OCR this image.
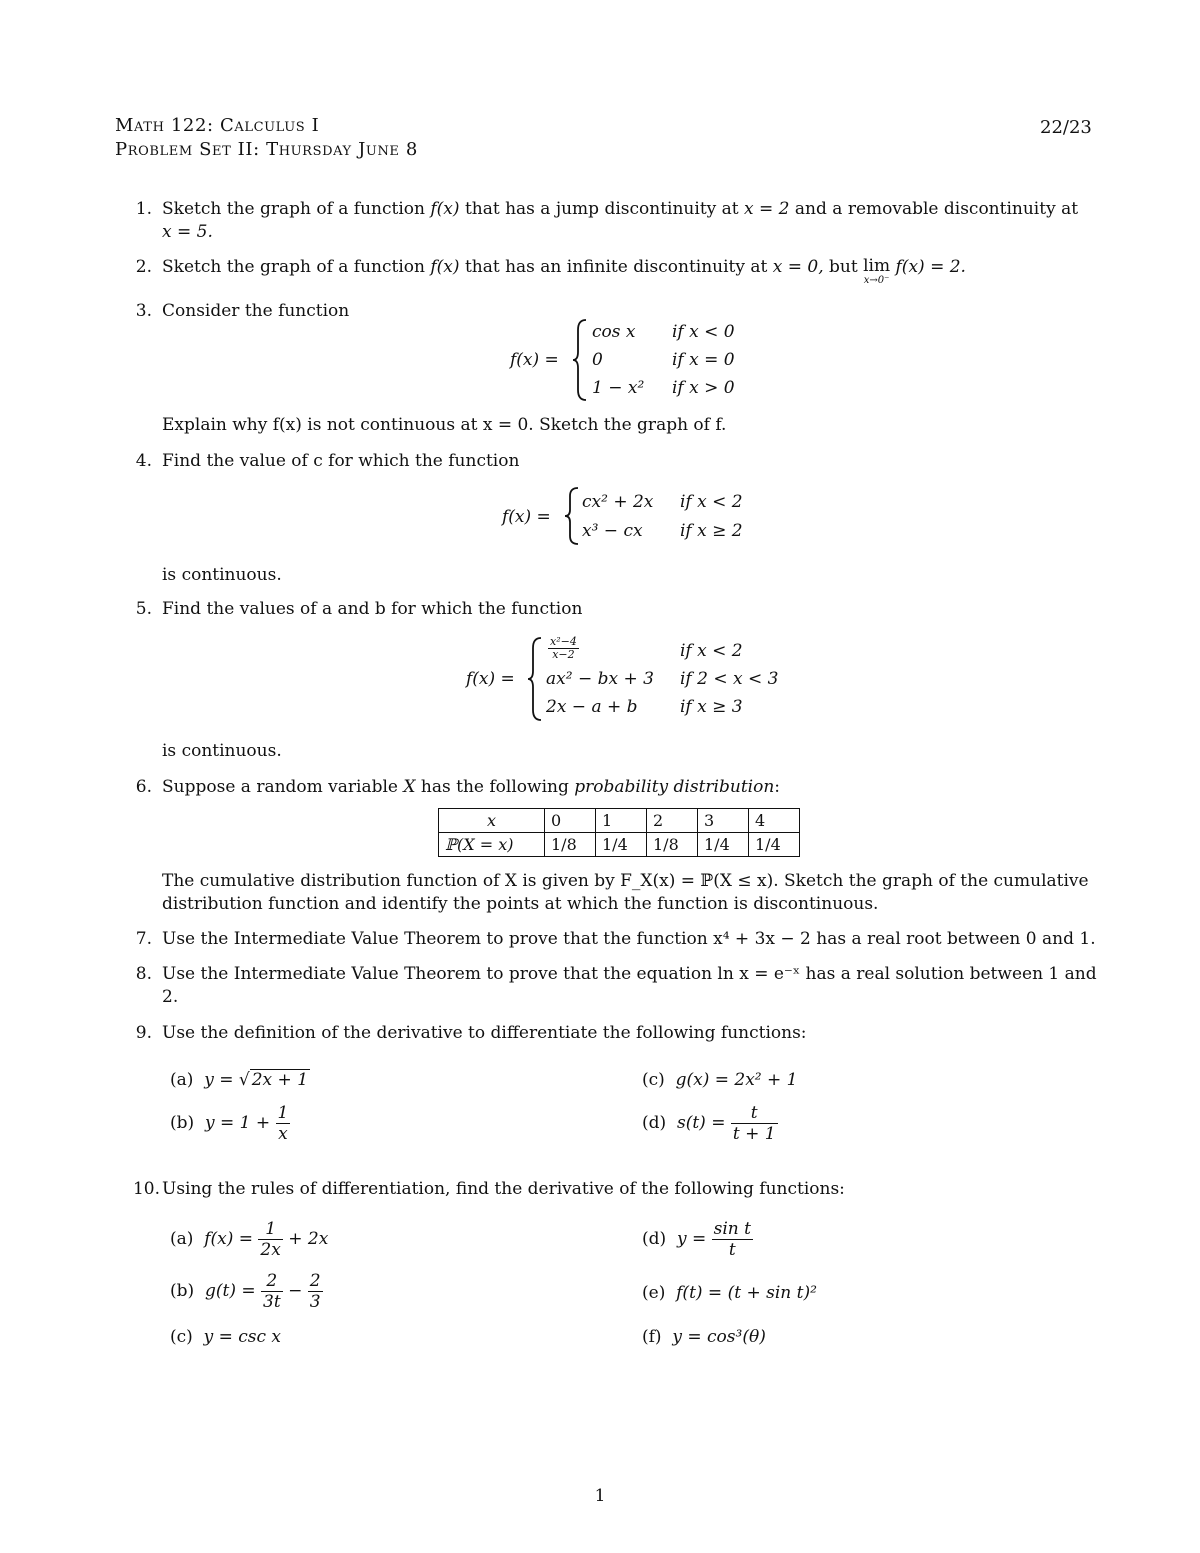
Math 122: Calculus I	22/23
Problem Set II: Thursday June 8
1. Sketch the graph of a function f(x) that has a jump discontinuity at x = 2 and a removable discontinuity at
x = 5.
2. Sketch the graph of a function f(x) that has an infinite discontinuity at x = 0, but lim
x→0⁻
f(x) = 2.
3. Consider the function
f(x) =
cos x if x < 0
0	if x = 0
1 − x² if x > 0
Explain why f(x) is not continuous at x = 0. Sketch the graph of f.
4. Find the value of c for which the function
f(x) =
cx² + 2x if x < 2
x³ − cx if x ≥ 2
is continuous.
5. Find the values of a and b for which the function
f(x) =
$\frac{\text{x²−4}}{x-2}$	if x < 2
ax² − bx + 3 if 2 < x < 3
2x − a + b if x ≥ 3
is continuous.
6. Suppose a random variable X has the following probability distribution:
x	0	1	2	3	4
ℙ(X = x)	1/8	1/4	1/8	1/4	1/4
The cumulative distribution function of X is given by F_X(x) = ℙ(X ≤ x). Sketch the graph of the cumulative
distribution function and identify the points at which the function is discontinuous.
7. Use the Intermediate Value Theorem to prove that the function x⁴ + 3x − 2 has a real root between 0 and 1.
8. Use the Intermediate Value Theorem to prove that the equation ln x = e⁻ˣ has a real solution between 1 and
2.
9. Use the definition of the derivative to differentiate the following functions:
(a) y = √ 2x + 1
(b) $y = 1 + \frac{1}{x}$
(c) g(x) = 2x² + 1
(d) $s(t) = \frac{t}{t + 1}$
10. Using the rules of differentiation, find the derivative of the following functions:
(a) $f(x) = \frac{1}{2x} + 2x$
(b) $g(t) = \frac{2}{3t} - \frac{2}{3}$
(c) y = csc x
(d) $y = \frac{\text{sin t}}{t}$
(e) f(t) = (t + sin t)²
(f) y = cos³(θ)
1
